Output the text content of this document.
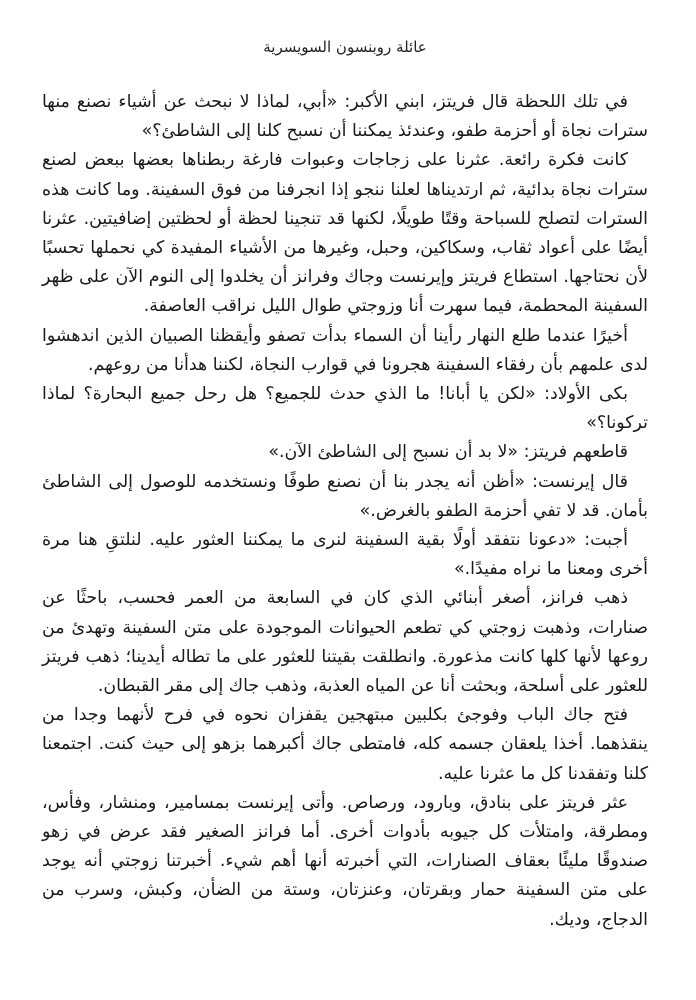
عائلة روبنسون السويسرية

في تلك اللحظة قال فريتز، ابني الأكبر: «أبي، لماذا لا نبحث عن أشياء نصنع منها سترات نجاة أو أحزمة طفو، وعندئذ يمكننا أن نسبح كلنا إلى الشاطئ؟»

كانت فكرة رائعة. عثرنا على زجاجات وعبوات فارغة ربطناها بعضها ببعض لصنع سترات نجاة بدائية، ثم ارتديناها لعلنا ننجو إذا انجرفنا من فوق السفينة. وما كانت هذه السترات لتصلح للسباحة وقتًا طويلًا، لكنها قد تنجينا لحظة أو لحظتين إضافيتين. عثرنا أيضًا على أعواد ثقاب، وسكاكين، وحبل، وغيرها من الأشياء المفيدة كي نحملها تحسبًا لأن نحتاجها. استطاع فريتز وإيرنست وجاك وفرانز أن يخلدوا إلى النوم الآن على ظهر السفينة المحطمة، فيما سهرت أنا وزوجتي طوال الليل نراقب العاصفة.

أخيرًا عندما طلع النهار رأينا أن السماء بدأت تصفو وأيقظنا الصبيان الذين اندهشوا لدى علمهم بأن رفقاء السفينة هجرونا في قوارب النجاة، لكننا هدأنا من روعهم.

بكى الأولاد: «لكن يا أبانا! ما الذي حدث للجميع؟ هل رحل جميع البحارة؟ لماذا تركونا؟»

قاطعهم فريتز: «لا بد أن نسبح إلى الشاطئ الآن.»

قال إيرنست: «أظن أنه يجدر بنا أن نصنع طوفًا ونستخدمه للوصول إلى الشاطئ بأمان. قد لا تفي أحزمة الطفو بالغرض.»

أجبت: «دعونا نتفقد أولًا بقية السفينة لنرى ما يمكننا العثور عليه. لنلتقِ هنا مرة أخرى ومعنا ما نراه مفيدًا.»

ذهب فرانز، أصغر أبنائي الذي كان في السابعة من العمر فحسب، باحثًا عن صنارات، وذهبت زوجتي كي تطعم الحيوانات الموجودة على متن السفينة وتهدئ من روعها لأنها كلها كانت مذعورة. وانطلقت بقيتنا للعثور على ما تطاله أيدينا؛ ذهب فريتز للعثور على أسلحة، وبحثت أنا عن المياه العذبة، وذهب جاك إلى مقر القبطان.

فتح جاك الباب وفوجئ بكلبين مبتهجين يقفزان نحوه في فرح لأنهما وجدا من ينقذهما. أخذا يلعقان جسمه كله، فامتطى جاك أكبرهما بزهو إلى حيث كنت. اجتمعنا كلنا وتفقدنا كل ما عثرنا عليه.

عثر فريتز على بنادق، وبارود، ورصاص. وأتى إيرنست بمسامير، ومنشار، وفأس، ومطرقة، وامتلأت كل جيوبه بأدوات أخرى. أما فرانز الصغير فقد عرض في زهو صندوقًا مليئًا بعقاف الصنارات، التي أخبرته أنها أهم شيء. أخبرتنا زوجتي أنه يوجد على متن السفينة حمار وبقرتان، وعنزتان، وستة من الضأن، وكبش، وسرب من الدجاج، وديك.
